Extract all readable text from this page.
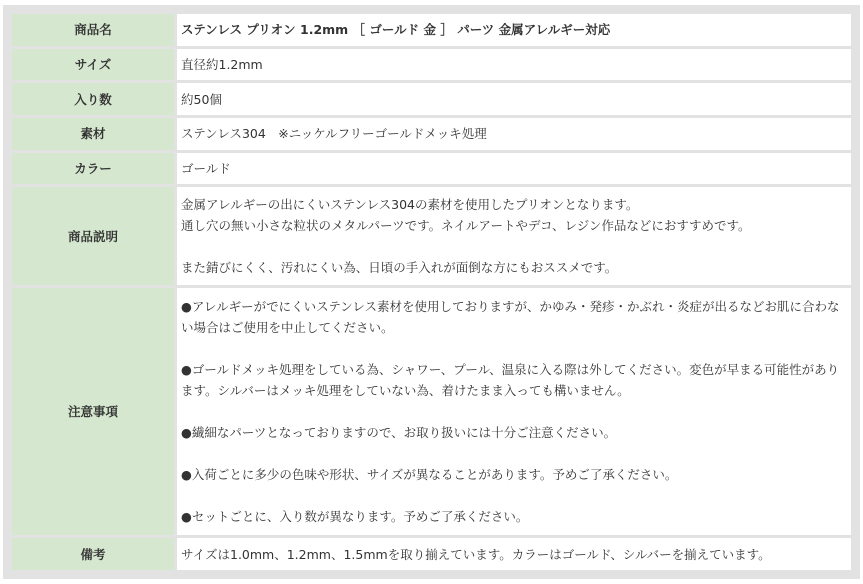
商品名	ステンレス プリオン 1.2mm ［ ゴールド 金 ］ パーツ 金属アレルギー対応
サイズ	直径約1.2mm
入り数	約50個
素材	ステンレス304　※ニッケルフリーゴールドメッキ処理
カラー	ゴールド
商品説明	金属アレルギーの出にくいステンレス304の素材を使用したプリオンとなります。
通し穴の無い小さな粒状のメタルパーツです。ネイルアートやデコ、レジン作品などにおすすめです。
また錆びにくく、汚れにくい為、日頃の手入れが面倒な方にもおススメです。

注意事項	●アレルギーがでにくいステンレス素材を使用しておりますが、かゆみ・発疹・かぶれ・炎症が出るなどお肌に合わない場合はご使用を中止してください。
●ゴールドメッキ処理をしている為、シャワー、プール、温泉に入る際は外してください。変色が早まる可能性があります。シルバーはメッキ処理をしていない為、着けたまま入っても構いません。
●繊細なパーツとなっておりますので、お取り扱いには十分ご注意ください。
●入荷ごとに多少の色味や形状、サイズが異なることがあります。予めご了承ください。
●セットごとに、入り数が異なります。予めご了承ください。

備考	サイズは1.0mm、1.2mm、1.5mmを取り揃えています。カラーはゴールド、シルバーを揃えています。
